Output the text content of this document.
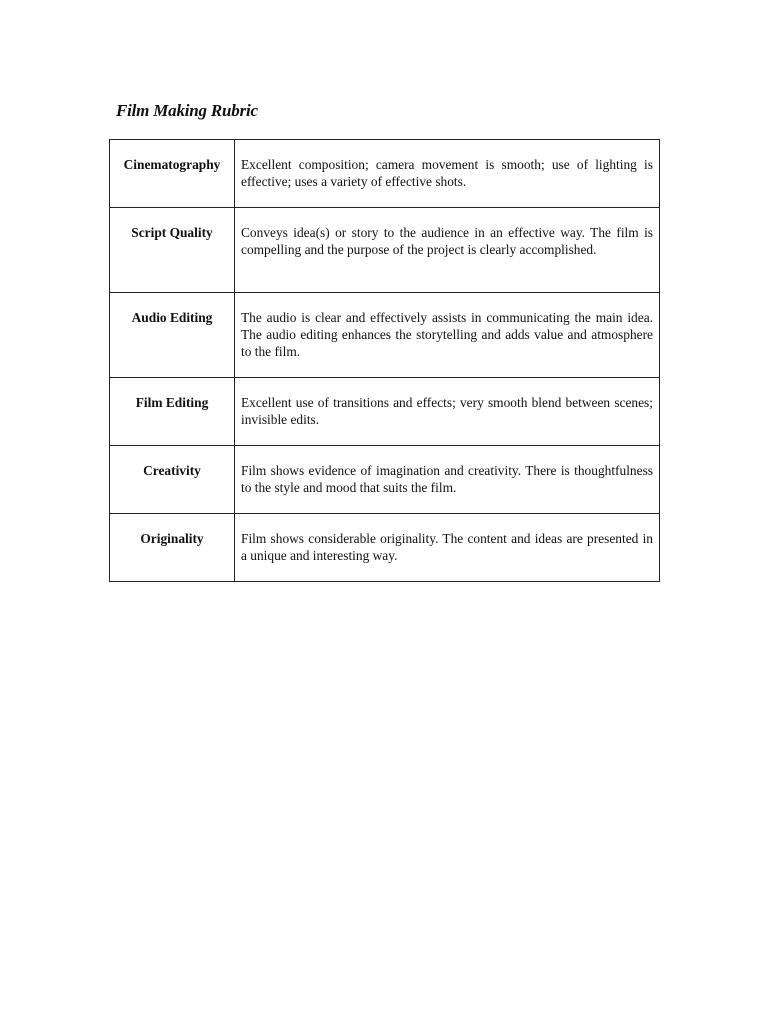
Film Making Rubric
Cinematography	Excellent composition; camera movement is smooth; use of lighting is effective; uses a variety of effective shots.
Script Quality	Conveys idea(s) or story to the audience in an effective way. The film is compelling and the purpose of the project is clearly accomplished.
Audio Editing	The audio is clear and effectively assists in communicating the main idea. The audio editing enhances the storytelling and adds value and atmosphere to the film.
Film Editing	Excellent use of transitions and effects; very smooth blend between scenes; invisible edits.
Creativity	Film shows evidence of imagination and creativity. There is thoughtfulness to the style and mood that suits the film.
Originality	Film shows considerable originality. The content and ideas are presented in a unique and interesting way.
